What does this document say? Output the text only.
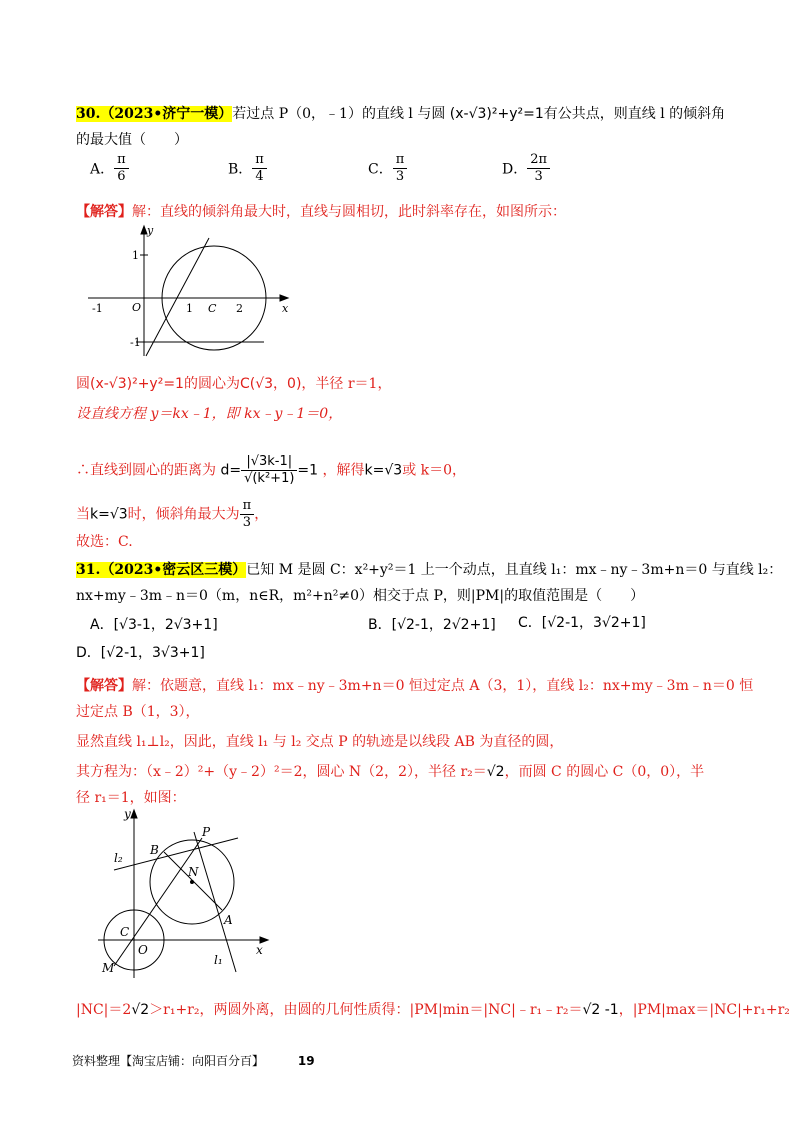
30.（2023•济宁一模）若过点 P（0，﹣1）的直线 l 与圆 (x-√3)²+y²=1有公共点，则直线 l 的倾斜角
的最大值（　　）
A． $\frac{\pi}{6}$	B． $\frac{\pi}{4}$	C． $\frac{\pi}{3}$	D． $\frac{2\pi}{3}$
【解答】解：直线的倾斜角最大时，直线与圆相切，此时斜率存在，如图所示：
y
x
O	C
1	2
-1
1
-1
圆(x-√3)²+y²=1的圆心为C(√3，0)，半径 r＝1，
设直线方程 y＝kx﹣1，即 kx﹣y﹣1＝0，
∴直线到圆心的距离为 $d= \frac{|√3k-1|}{\text{√(k²+1)}} =1$ ，解得k=√3或 k＝0，
当k=√3时，倾斜角最大为 $\frac{\pi}{3}$ ，
故选：C.
31.（2023•密云区三模）已知 M 是圆 C：x²+y²＝1 上一个动点，且直线 l₁：mx﹣ny﹣3m+n＝0 与直线 l₂：
nx+my﹣3m﹣n＝0（m，n∈R，m²+n²≠0）相交于点 P，则|PM|的取值范围是（　　）
A．[√3-1，2√3+1]	B．[√2-1，2√2+1] C．[√2-1，3√2+1]
D．[√2-1，3√3+1]
【解答】解：依题意，直线 l₁：mx﹣ny﹣3m+n＝0 恒过定点 A（3，1），直线 l₂：nx+my﹣3m﹣n＝0 恒
过定点 B（1，3），
显然直线 l₁⊥l₂，因此，直线 l₁ 与 l₂ 交点 P 的轨迹是以线段 AB 为直径的圆，
其方程为：（x﹣2）²+（y﹣2）²＝2，圆心 N（2，2），半径 r₂＝√2，而圆 C 的圆心 C（0，0），半
径 r₁＝1，如图：
y
x
O
C
M
N
P
A
B
l₁
l₂
|NC|＝2√2＞r₁+r₂，两圆外离，由圆的几何性质得：|PM|min＝|NC|﹣r₁﹣r₂＝√2 -1，|PM|max＝|NC|+r₁+r₂
资料整理【淘宝店铺：向阳百分百】	19
